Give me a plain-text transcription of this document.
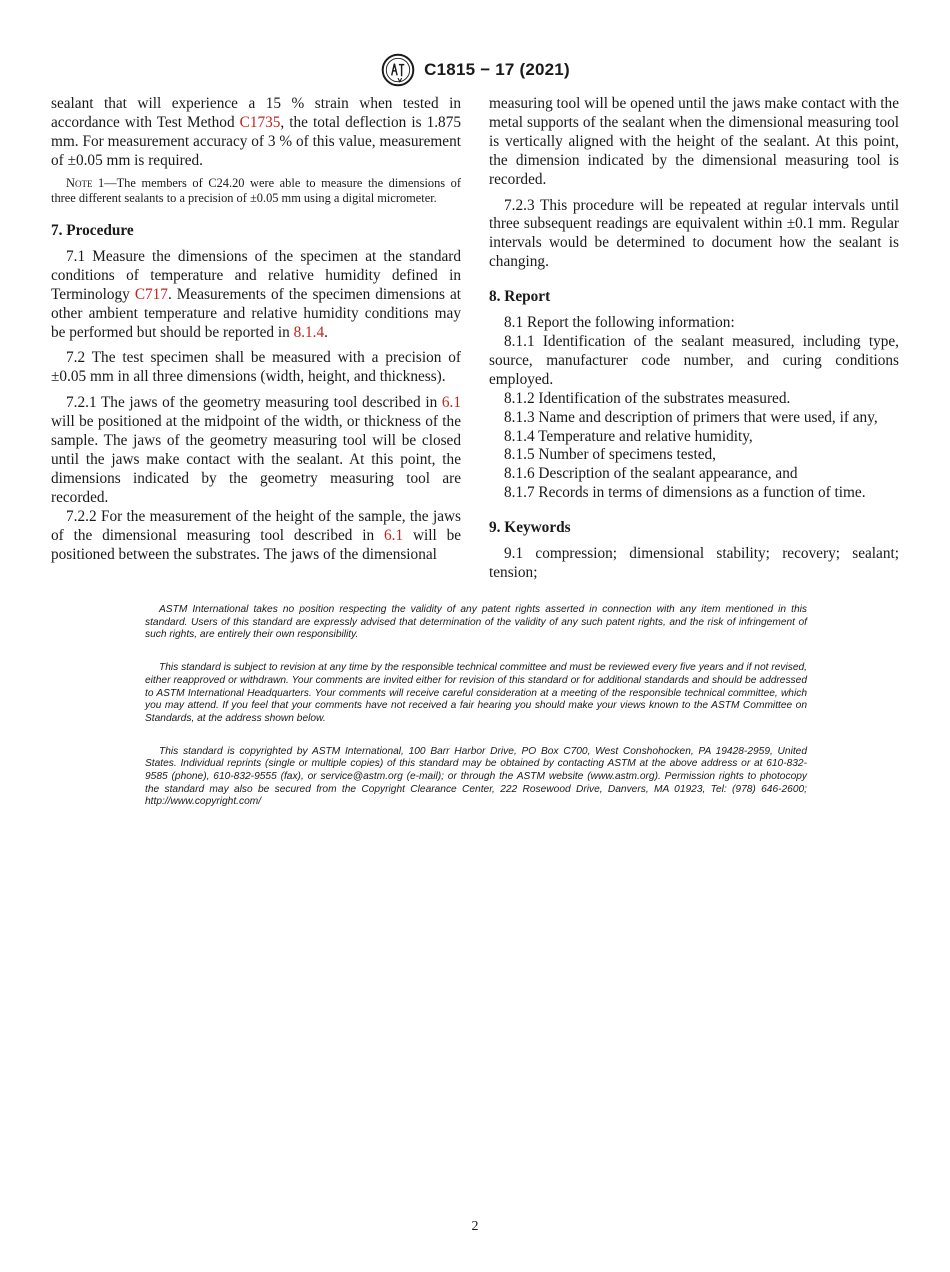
C1815 − 17 (2021)

sealant that will experience a 15 % strain when tested in accordance with Test Method C1735, the total deflection is 1.875 mm. For measurement accuracy of 3 % of this value, measurement of ±0.05 mm is required.

Note 1—The members of C24.20 were able to measure the dimensions of three different sealants to a precision of ±0.05 mm using a digital micrometer.

7. Procedure

7.1 Measure the dimensions of the specimen at the standard conditions of temperature and relative humidity defined in Terminology C717. Measurements of the specimen dimensions at other ambient temperature and relative humidity conditions may be performed but should be reported in 8.1.4.

7.2 The test specimen shall be measured with a precision of ±0.05 mm in all three dimensions (width, height, and thickness).

7.2.1 The jaws of the geometry measuring tool described in 6.1 will be positioned at the midpoint of the width, or thickness of the sample. The jaws of the geometry measuring tool will be closed until the jaws make contact with the sealant. At this point, the dimensions indicated by the geometry measuring tool are recorded.

7.2.2 For the measurement of the height of the sample, the jaws of the dimensional measuring tool described in 6.1 will be positioned between the substrates. The jaws of the dimensional

measuring tool will be opened until the jaws make contact with the metal supports of the sealant when the dimensional measuring tool is vertically aligned with the height of the sealant. At this point, the dimension indicated by the dimensional measuring tool is recorded.

7.2.3 This procedure will be repeated at regular intervals until three subsequent readings are equivalent within ±0.1 mm. Regular intervals would be determined to document how the sealant is changing.

8. Report

8.1 Report the following information:

8.1.1 Identification of the sealant measured, including type, source, manufacturer code number, and curing conditions employed.

8.1.2 Identification of the substrates measured.

8.1.3 Name and description of primers that were used, if any,

8.1.4 Temperature and relative humidity,

8.1.5 Number of specimens tested,

8.1.6 Description of the sealant appearance, and

8.1.7 Records in terms of dimensions as a function of time.

9. Keywords

9.1 compression; dimensional stability; recovery; sealant; tension;

ASTM International takes no position respecting the validity of any patent rights asserted in connection with any item mentioned in this standard. Users of this standard are expressly advised that determination of the validity of any such patent rights, and the risk of infringement of such rights, are entirely their own responsibility.

This standard is subject to revision at any time by the responsible technical committee and must be reviewed every five years and if not revised, either reapproved or withdrawn. Your comments are invited either for revision of this standard or for additional standards and should be addressed to ASTM International Headquarters. Your comments will receive careful consideration at a meeting of the responsible technical committee, which you may attend. If you feel that your comments have not received a fair hearing you should make your views known to the ASTM Committee on Standards, at the address shown below.

This standard is copyrighted by ASTM International, 100 Barr Harbor Drive, PO Box C700, West Conshohocken, PA 19428-2959, United States. Individual reprints (single or multiple copies) of this standard may be obtained by contacting ASTM at the above address or at 610-832-9585 (phone), 610-832-9555 (fax), or service@astm.org (e-mail); or through the ASTM website (www.astm.org). Permission rights to photocopy the standard may also be secured from the Copyright Clearance Center, 222 Rosewood Drive, Danvers, MA 01923, Tel: (978) 646-2600; http://www.copyright.com/

2
